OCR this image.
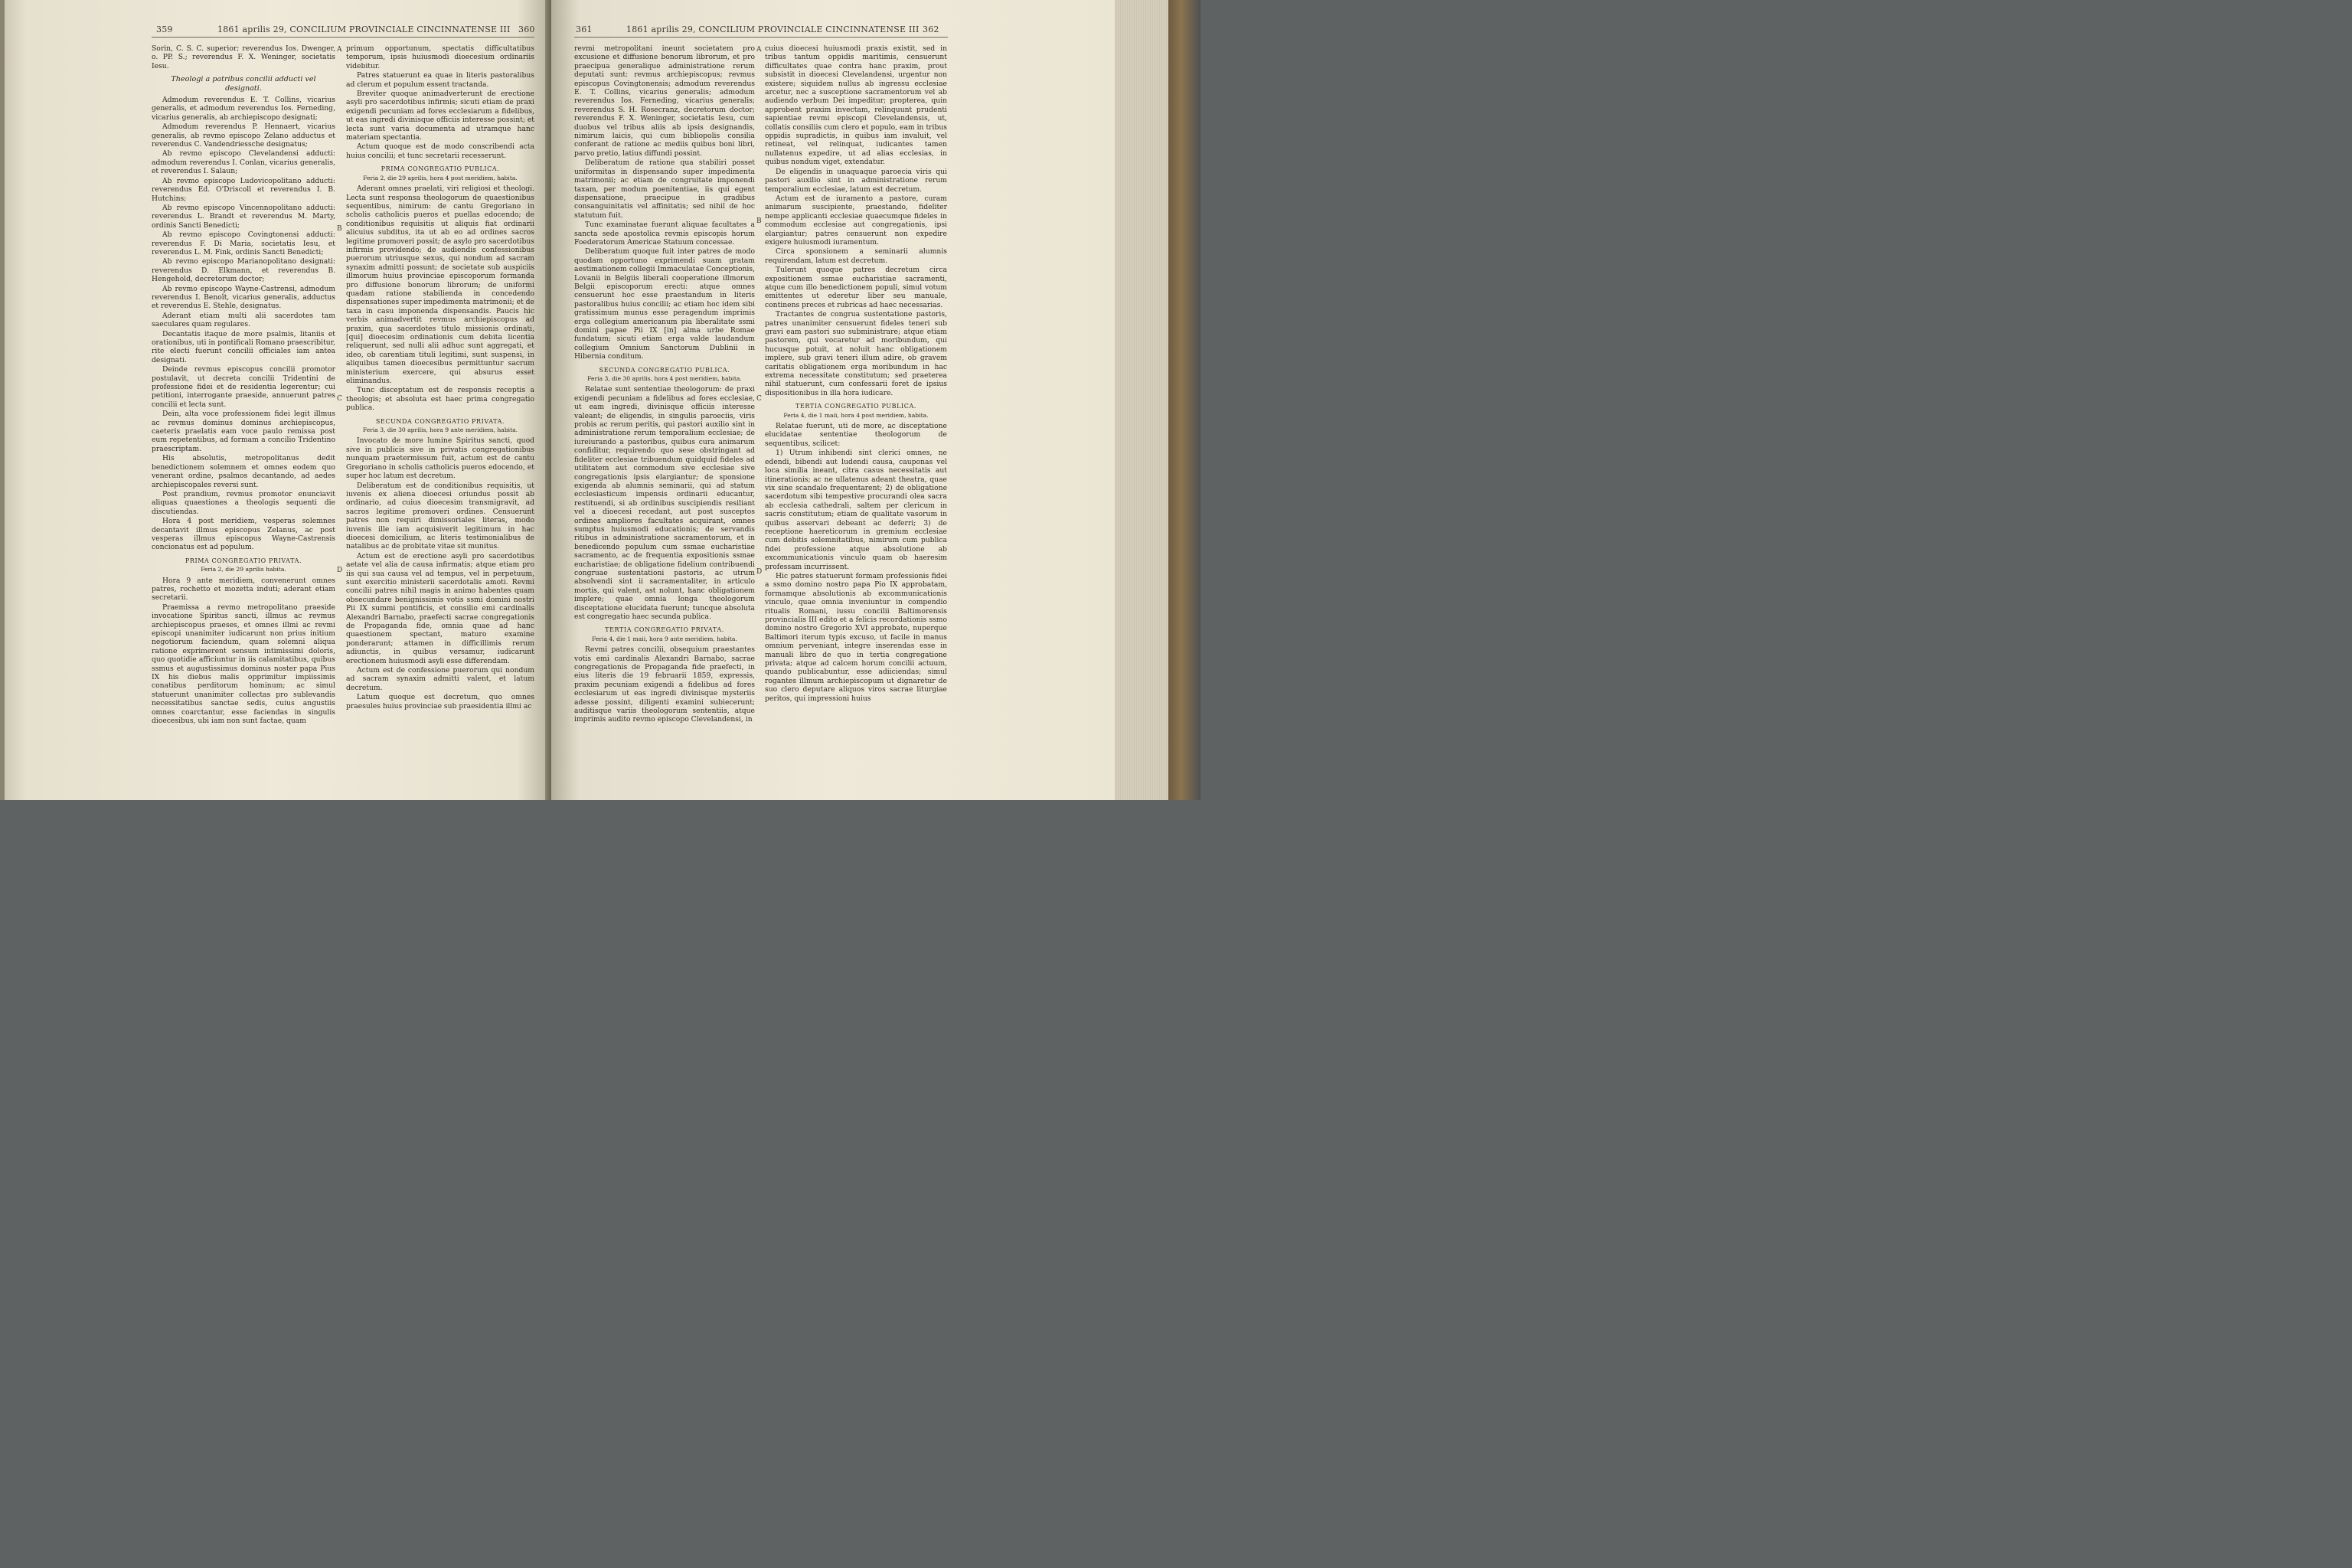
359	1861 aprilis 29, CONCILIUM PROVINCIALE CINCINNATENSE III 360

Sorin, C. S. C. superior; reverendus Ios. Dwenger, o. PP. S.; reverendus F. X. Weninger, societatis Iesu.

Theologi a patribus concilii adducti vel designati.

Admodum reverendus E. T. Collins, vicarius generalis, et admodum reverendus Ios. Ferneding, vicarius generalis, ab archiepiscopo designati;

Admodum reverendus P. Hennaert, vicarius generalis, ab revmo episcopo Zelano adductus et reverendus C. Vandendriessche designatus;

Ab revmo episcopo Clevelandensi adducti: admodum reverendus I. Conlan, vicarius generalis, et reverendus I. Salaun;

Ab revmo episcopo Ludovicopolitano adducti: reverendus Ed. O'Driscoll et reverendus I. B. Hutchins;

Ab revmo episcopo Vincennopolitano adducti: reverendus L. Brandt et reverendus M. Marty, ordinis Sancti Benedicti;

Ab revmo episcopo Covingtonensi adducti: reverendus F. Di Maria, societatis Iesu, et reverendus L. M. Fink, ordinis Sancti Benedicti;

Ab revmo episcopo Marianopolitano designati: reverendus D. Elkmann, et reverendus B. Hengehold, decretorum doctor;

Ab revmo episcopo Wayne-Castrensi, admodum reverendus I. Benoît, vicarius generalis, adductus et reverendus E. Stehle, designatus.

Aderant etiam multi alii sacerdotes tam saeculares quam regulares.

Decantatis itaque de more psalmis, litaniis et orationibus, uti in pontificali Romano praescribitur, rite electi fuerunt concilii officiales iam antea designati.

Deinde revmus episcopus concilii promotor postulavit, ut decreta concilii Tridentini de professione fidei et de residentia legerentur; cui petitioni, interrogante praeside, annuerunt patres concilii et lecta sunt.

Dein, alta voce professionem fidei legit illmus ac revmus dominus dominus archiepiscopus, caeteris praelatis eam voce paulo remissa post eum repetentibus, ad formam a concilio Tridentino praescriptam.

His absolutis, metropolitanus dedit benedictionem solemnem et omnes eodem quo venerant ordine, psalmos decantando, ad aedes archiepiscopales reversi sunt.

Post prandium, revmus promotor enunciavit aliquas quaestiones a theologis sequenti die discutiendas.

Hora 4 post meridiem, vesperas solemnes decantavit illmus episcopus Zelanus, ac post vesperas illmus episcopus Wayne-Castrensis concionatus est ad populum.

PRIMA CONGREGATIO PRIVATA.

Feria 2, die 29 aprilis habita.

Hora 9 ante meridiem, convenerunt omnes patres, rochetto et mozetta induti; aderant etiam secretarii.

Praemissa a revmo metropolitano praeside invocatione Spiritus sancti, illmus ac revmus archiepiscopus praeses, et omnes illmi ac revmi episcopi unanimiter iudicarunt non prius initium negotiorum faciendum, quam solemni aliqua ratione exprimerent sensum intimissimi doloris, quo quotidie afficiuntur in iis calamitatibus, quibus ssmus et augustissimus dominus noster papa Pius IX his diebus malis opprimitur impiissimis conatibus perditorum hominum; ac simul statuerunt unanimiter collectas pro sublevandis necessitatibus sanctae sedis, cuius angustiis omnes coarctantur, esse faciendas in singulis dioecesibus, ubi iam non sunt factae, quam

primum opportunum, spectatis difficultatibus temporum, ipsis huiusmodi dioecesium ordinariis videbitur.

Patres statuerunt ea quae in literis pastoralibus ad clerum et populum essent tractanda.

Breviter quoque animadverterunt de erectione asyli pro sacerdotibus infirmis; sicuti etiam de praxi exigendi pecuniam ad fores ecclesiarum a fidelibus, ut eas ingredi divinisque officiis interesse possint; et lecta sunt varia documenta ad utramque hanc materiam spectantia.

Actum quoque est de modo conscribendi acta huius concilii; et tunc secretarii recesserunt.

PRIMA CONGREGATIO PUBLICA.

Feria 2, die 29 aprilis, hora 4 post meridiem, habita.

Aderant omnes praelati, viri religiosi et theologi. Lecta sunt responsa theologorum de quaestionibus sequentibus, nimirum: de cantu Gregoriano in scholis catholicis pueros et puellas edocendo; de conditionibus requisitis ut aliquis fiat ordinarii alicuius subditus, ita ut ab eo ad ordines sacros legitime promoveri possit; de asylo pro sacerdotibus infirmis providendo; de audiendis confessionibus puerorum utriusque sexus, qui nondum ad sacram synaxim admitti possunt; de societate sub auspiciis illmorum huius provinciae episcoporum formanda pro diffusione bonorum librorum; de uniformi quadam ratione stabilienda in concedendo dispensationes super impedimenta matrimonii; et de taxa in casu imponenda dispensandis. Paucis hic verbis animadvertit revmus archiepiscopus ad praxim, qua sacerdotes titulo missionis ordinati, [qui] dioecesim ordinationis cum debita licentia reliquerunt, sed nulli alii adhuc sunt aggregati, et ideo, ob carentiam tituli legitimi, sunt suspensi, in aliquibus tamen dioecesibus permittuntur sacrum ministerium exercere, qui absurus esset eliminandus.

Tunc disceptatum est de responsis receptis a theologis; et absoluta est haec prima congregatio publica.

SECUNDA CONGREGATIO PRIVATA.

Feria 3, die 30 aprilis, hora 9 ante meridiem, habita.

Invocato de more lumine Spiritus sancti, quod sive in publicis sive in privatis congregationibus nunquam praetermissum fuit, actum est de cantu Gregoriano in scholis catholicis pueros edocendo, et super hoc latum est decretum.

Deliberatum est de conditionibus requisitis, ut iuvenis ex aliena dioecesi oriundus possit ab ordinario, ad cuius dioecesim transmigravit, ad sacros legitime promoveri ordines. Censuerunt patres non requiri dimissoriales literas, modo iuvenis ille iam acquisiverit legitimum in hac dioecesi domicilium, ac literis testimonialibus de natalibus ac de probitate vitae sit munitus.

Actum est de erectione asyli pro sacerdotibus aetate vel alia de causa infirmatis; atque etiam pro iis qui sua causa vel ad tempus, vel in perpetuum, sunt exercitio ministerii sacerdotalis amoti. Revmi concilii patres nihil magis in animo habentes quam obsecundare benignissimis votis ssmi domini nostri Pii IX summi pontificis, et consilio emi cardinalis Alexandri Barnabo, praefecti sacrae congregationis de Propaganda fide, omnia quae ad hanc quaestionem spectant, maturo examine ponderarunt; attamen in difficillimis rerum adiunctis, in quibus versamur, iudicarunt erectionem huiusmodi asyli esse differendam.

Actum est de confessione puerorum qui nondum ad sacram synaxim admitti valent, et latum decretum.

Latum quoque est decretum, quo omnes praesules huius provinciae sub praesidentia illmi ac

A
B
C
D
361	1861 aprilis 29, CONCILIUM PROVINCIALE CINCINNATENSE III 362

revmi metropolitani ineunt societatem pro excusione et diffusione bonorum librorum, et pro praecipua generalique administratione rerum deputati sunt: revmus archiepiscopus; revmus episcopus Covingtonensis; admodum reverendus E. T. Collins, vicarius generalis; admodum reverendus Ios. Ferneding, vicarius generalis; reverendus S. H. Rosecranz, decretorum doctor; reverendus F. X. Weninger, societatis Iesu, cum duobus vel tribus aliis ab ipsis designandis, nimirum laicis, qui cum bibliopolis consilia conferant de ratione ac mediis quibus boni libri, parvo pretio, latius diffundi possint.

Deliberatum de ratione qua stabiliri posset uniformitas in dispensando super impedimenta matrimonii; ac etiam de congruitate imponendi taxam, per modum poenitentiae, iis qui egent dispensatione, praecipue in gradibus consanguinitatis vel affinitatis; sed nihil de hoc statutum fuit.

Tunc examinatae fuerunt aliquae facultates a sancta sede apostolica revmis episcopis horum Foederatorum Americae Statuum concessae.

Deliberatum quoque fuit inter patres de modo quodam opportuno exprimendi suam gratam aestimationem collegii Immaculatae Conceptionis, Lovanii in Belgiis liberali cooperatione illmorum Belgii episcoporum erecti: atque omnes censuerunt hoc esse praestandum in literis pastoralibus huius concilii; ac etiam hoc idem sibi gratissimum munus esse peragendum imprimis erga collegium americanum pia liberalitate ssmi domini papae Pii IX [in] alma urbe Romae fundatum; sicuti etiam erga valde laudandum collegium Omnium Sanctorum Dublinii in Hibernia conditum.

SECUNDA CONGREGATIO PUBLICA.

Feria 3, die 30 aprilis, hora 4 post meridiem, habita.

Relatae sunt sententiae theologorum: de praxi exigendi pecuniam a fidelibus ad fores ecclesiae, ut eam ingredi, divinisque officiis interesse valeant; de eligendis, in singulis paroeciis, viris probis ac rerum peritis, qui pastori auxilio sint in administratione rerum temporalium ecclesiae; de iureiurando a pastoribus, quibus cura animarum confiditur, requirendo quo sese obstringant ad fideliter ecclesiae tribuendum quidquid fideles ad utilitatem aut commodum sive ecclesiae sive congregationis ipsis elargiantur; de sponsione exigenda ab alumnis seminarii, qui ad statum ecclesiasticum impensis ordinarii educantur, restituendi, si ab ordinibus suscipiendis resiliant vel a dioecesi recedant, aut post susceptos ordines ampliores facultates acquirant, omnes sumptus huiusmodi educationis; de servandis ritibus in administratione sacramentorum, et in benedicendo populum cum ssmae eucharistiae sacramento, ac de frequentia expositionis ssmae eucharistiae; de obligatione fidelium contribuendi congruae sustentationi pastoris, ac utrum absolvendi sint ii sacramentaliter, in articulo mortis, qui valent, ast nolunt, hanc obligationem implere; quae omnia longa theologorum disceptatione elucidata fuerunt; tuncque absoluta est congregatio haec secunda publica.

TERTIA CONGREGATIO PRIVATA.

Feria 4, die 1 maii, hora 9 ante meridiem, habita.

Revmi patres concilii, obsequium praestantes votis emi cardinalis Alexandri Barnabo, sacrae congregationis de Propaganda fide praefecti, in eius literis die 19 februarii 1859, expressis, praxim pecuniam exigendi a fidelibus ad fores ecclesiarum ut eas ingredi divinisque mysteriis adesse possint, diligenti examini subiecerunt; auditisque variis theologorum sententiis, atque imprimis audito revmo episcopo Clevelandensi, in

cuius dioecesi huiusmodi praxis existit, sed in tribus tantum oppidis maritimis, censuerunt difficultates quae contra hanc praxim, prout subsistit in dioecesi Clevelandensi, urgentur non existere; siquidem nullus ab ingressu ecclesiae arcetur, nec a susceptione sacramentorum vel ab audiendo verbum Dei impeditur; propterea, quin approbent praxim invectam, relinquunt prudenti sapientiae revmi episcopi Clevelandensis, ut, collatis consiliis cum clero et populo, eam in tribus oppidis supradictis, in quibus iam invaluit, vel retineat, vel relinquat, iudicantes tamen nullatenus expedire, ut ad alias ecclesias, in quibus nondum viget, extendatur.

De eligendis in unaquaque paroecia viris qui pastori auxilio sint in administratione rerum temporalium ecclesiae, latum est decretum.

Actum est de iuramento a pastore, curam animarum suscipiente, praestando, fideliter nempe applicanti ecclesiae quaecumque fideles in commodum ecclesiae aut congregationis, ipsi elargiantur; patres censuerunt non expedire exigere huiusmodi iuramentum.

Circa sponsionem a seminarii alumnis requirendam, latum est decretum.

Tulerunt quoque patres decretum circa expositionem ssmae eucharistiae sacramenti, atque cum illo benedictionem populi, simul votum emittentes ut ederetur liber seu manuale, continens preces et rubricas ad haec necessarias.

Tractantes de congrua sustentatione pastoris, patres unanimiter censuerunt fideles teneri sub gravi eam pastori suo subministrare; atque etiam pastorem, qui vocaretur ad moribundum, qui hucusque potuit, at noluit hanc obligationem implere, sub gravi teneri illum adire, ob gravem caritatis obligationem erga moribundum in hac extrema necessitate constitutum; sed praeterea nihil statuerunt, cum confessarii foret de ipsius dispositionibus in illa hora iudicare.

TERTIA CONGREGATIO PUBLICA.

Feria 4, die 1 maii, hora 4 post meridiem, habita.

Relatae fuerunt, uti de more, ac disceptatione elucidatae sententiae theologorum de sequentibus, scilicet:

1) Utrum inhibendi sint clerici omnes, ne edendi, bibendi aut ludendi causa, cauponas vel loca similia ineant, citra casus necessitatis aut itinerationis; ac ne ullatenus adeant theatra, quae vix sine scandalo frequentarent; 2) de obligatione sacerdotum sibi tempestive procurandi olea sacra ab ecclesia cathedrali, saltem per clericum in sacris constitutum; etiam de qualitate vasorum in quibus asservari debeant ac deferri; 3) de receptione haereticorum in gremium ecclesiae cum debitis solemnitatibus, nimirum cum publica fidei professione atque absolutione ab excommunicationis vinculo quam ob haeresim professam incurrissent.

Hic patres statuerunt formam professionis fidei a ssmo domino nostro papa Pio IX approbatam, formamque absolutionis ab excommunicationis vinculo, quae omnia inveniuntur in compendio ritualis Romani, iussu concilii Baltimorensis provincialis III edito et a felicis recordationis ssmo domino nostro Gregorio XVI approbato, nuperque Baltimori iterum typis excuso, ut facile in manus omnium perveniant, integre inserendas esse in manuali libro de quo in tertia congregatione privata; atque ad calcem horum concilii actuum, quando publicabuntur, esse adiiciendas; simul rogantes illmum archiepiscopum ut dignaretur de suo clero deputare aliquos viros sacrae liturgiae peritos, qui impressioni huius

A
B
C
D
